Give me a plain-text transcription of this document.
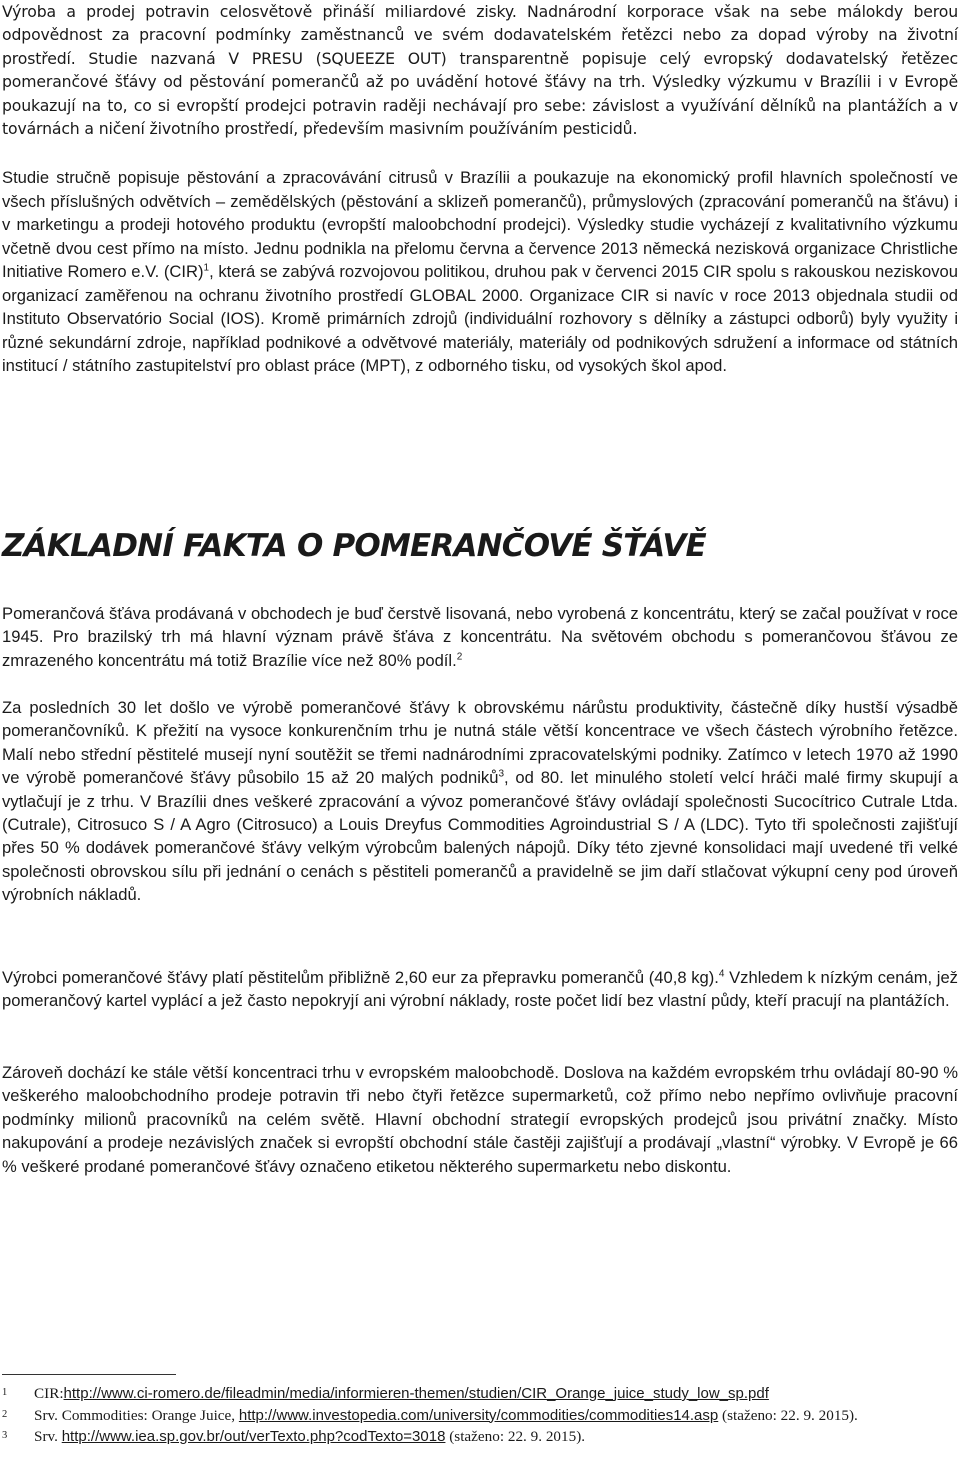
Výroba a prodej potravin celosvětově přináší miliardové zisky. Nadnárodní korporace však na sebe málokdy berou odpovědnost za pracovní podmínky zaměstnanců ve svém dodavatelském řetězci nebo za dopad výroby na životní prostředí. Studie nazvaná V PRESU (SQUEEZE OUT) transparentně popisuje celý evropský dodavatelský řetězec pomerančové šťávy od pěstování pomerančů až po uvádění hotové šťávy na trh. Výsledky výzkumu v Brazílii i v Evropě poukazují na to, co si evropští prodejci potravin raději nechávají pro sebe: závislost a využívání dělníků na plantážích a v továrnách a ničení životního prostředí, především masivním používáním pesticidů.

Studie stručně popisuje pěstování a zpracovávání citrusů v Brazílii a poukazuje na ekonomický profil hlavních společností ve všech příslušných odvětvích – zemědělských (pěstování a sklizeň pomerančů), průmyslových (zpracování pomerančů na šťávu) i v marketingu a prodeji hotového produktu (evropští maloobchodní prodejci). Výsledky studie vycházejí z kvalitativního výzkumu včetně dvou cest přímo na místo. Jednu podnikla na přelomu června a července 2013 německá nezisková organizace Christliche Initiative Romero e.V. (CIR)$^1$, která se zabývá rozvojovou politikou, druhou pak v červenci 2015 CIR spolu s rakouskou neziskovou organizací zaměřenou na ochranu životního prostředí GLOBAL 2000. Organizace CIR si navíc v roce 2013 objednala studii od Instituto Observatório Social (IOS). Kromě primárních zdrojů (individuální rozhovory s dělníky a zástupci odborů) byly využity i různé sekundární zdroje, například podnikové a odvětvové materiály, materiály od podnikových sdružení a informace od státních institucí / státního zastupitelství pro oblast práce (MPT), z odborného tisku, od vysokých škol apod.

ZÁKLADNÍ FAKTA O POMERANČOVÉ ŠŤÁVĚ

Pomerančová šťáva prodávaná v obchodech je buď čerstvě lisovaná, nebo vyrobená z koncentrátu, který se začal používat v roce 1945. Pro brazilský trh má hlavní význam právě šťáva z koncentrátu. Na světovém obchodu s pomerančovou šťávou ze zmrazeného koncentrátu má totiž Brazílie více než 80% podíl.$^2$

Za posledních 30 let došlo ve výrobě pomerančové šťávy k obrovskému nárůstu produktivity, částečně díky hustší výsadbě pomerančovníků. K přežití na vysoce konkurenčním trhu je nutná stále větší koncentrace ve všech částech výrobního řetězce. Malí nebo střední pěstitelé musejí nyní soutěžit se třemi nadnárodními zpracovatelskými podniky. Zatímco v letech 1970 až 1990 ve výrobě pomerančové šťávy působilo 15 až 20 malých podniků$^3$, od 80. let minulého století velcí hráči malé firmy skupují a vytlačují je z trhu. V Brazílii dnes veškeré zpracování a vývoz pomerančové šťávy ovládají společnosti Sucocítrico Cutrale Ltda. (Cutrale), Citrosuco S / A Agro (Citrosuco) a Louis Dreyfus Commodities Agroindustrial S / A (LDC). Tyto tři společnosti zajišťují přes 50 % dodávek pomerančové šťávy velkým výrobcům balených nápojů. Díky této zjevné konsolidaci mají uvedené tři velké společnosti obrovskou sílu při jednání o cenách s pěstiteli pomerančů a pravidelně se jim daří stlačovat výkupní ceny pod úroveň výrobních nákladů.

Výrobci pomerančové šťávy platí pěstitelům přibližně 2,60 eur za přepravku pomerančů (40,8 kg).$^4$ Vzhledem k nízkým cenám, jež pomerančový kartel vyplácí a jež často nepokryjí ani výrobní náklady, roste počet lidí bez vlastní půdy, kteří pracují na plantážích.

Zároveň dochází ke stále větší koncentraci trhu v evropském maloobchodě. Doslova na každém evropském trhu ovládají 80-90 % veškerého maloobchodního prodeje potravin tři nebo čtyři řetězce supermarketů, což přímo nebo nepřímo ovlivňuje pracovní podmínky milionů pracovníků na celém světě. Hlavní obchodní strategií evropských prodejců jsou privátní značky. Místo nakupování a prodeje nezávislých značek si evropští obchodní stále častěji zajišťují a prodávají „vlastní“ výrobky. V Evropě je 66 % veškeré prodané pomerančové šťávy označeno etiketou některého supermarketu nebo diskontu.

1	CIR:http://www.ci-romero.de/fileadmin/media/informieren-themen/studien/CIR_Orange_juice_study_low_sp.pdf
2	Srv. Commodities: Orange Juice, http://www.investopedia.com/university/commodities/commodities14.asp (staženo: 22. 9. 2015).
3	Srv. http://www.iea.sp.gov.br/out/verTexto.php?codTexto=3018 (staženo: 22. 9. 2015).
